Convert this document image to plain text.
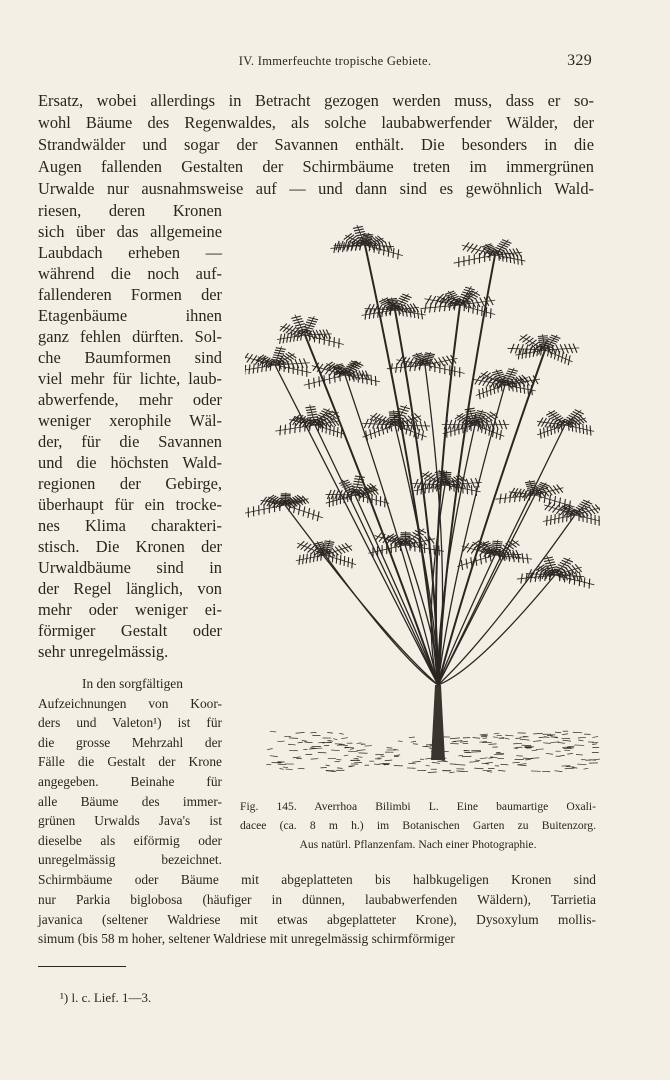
IV. Immerfeuchte tropische Gebiete.	329
Ersatz, wobei allerdings in Betracht gezogen werden muss, dass er so-
wohl Bäume des Regenwaldes, als solche laubabwerfender Wälder, der
Strandwälder und sogar der Savannen enthält. Die besonders in die
Augen fallenden Gestalten der Schirmbäume treten im immergrünen
Urwalde nur ausnahmsweise auf — und dann sind es gewöhnlich Wald-
riesen, deren Kronen
sich über das allgemeine
Laubdach erheben —
während die noch auf-
fallenderen Formen der
Etagenbäume ihnen
ganz fehlen dürften. Sol-
che Baumformen sind
viel mehr für lichte, laub-
abwerfende, mehr oder
weniger xerophile Wäl-
der, für die Savannen
und die höchsten Wald-
regionen der Gebirge,
überhaupt für ein trocke-
nes Klima charakteri-
stisch. Die Kronen der
Urwaldbäume sind in
der Regel länglich, von
mehr oder weniger ei-
förmiger Gestalt oder
sehr unregelmässig.
In den sorgfältigen
Aufzeichnungen von Koor-
ders und Valeton¹) ist für
die grosse Mehrzahl der
Fälle die Gestalt der Krone
angegeben. Beinahe für
alle Bäume des immer-
grünen Urwalds Java's ist
dieselbe als eiförmig oder
unregelmässig bezeichnet.
Schirmbäume oder Bäume mit abgeplatteten bis halbkugeligen Kronen sind
nur Parkia biglobosa (häufiger in dünnen, laubabwerfenden Wäldern), Tarrietia
javanica (seltener Waldriese mit etwas abgeplatteter Krone), Dysoxylum mollis-
simum (bis 58 m hoher, seltener Waldriese mit unregelmässig schirmförmiger
Fig. 145. Averrhoa Bilimbi L. Eine baumartige Oxali-
dacee (ca. 8 m h.) im Botanischen Garten zu Buitenzorg.
Aus natürl. Pflanzenfam. Nach einer Photographie.
¹) l. c. Lief. 1—3.
